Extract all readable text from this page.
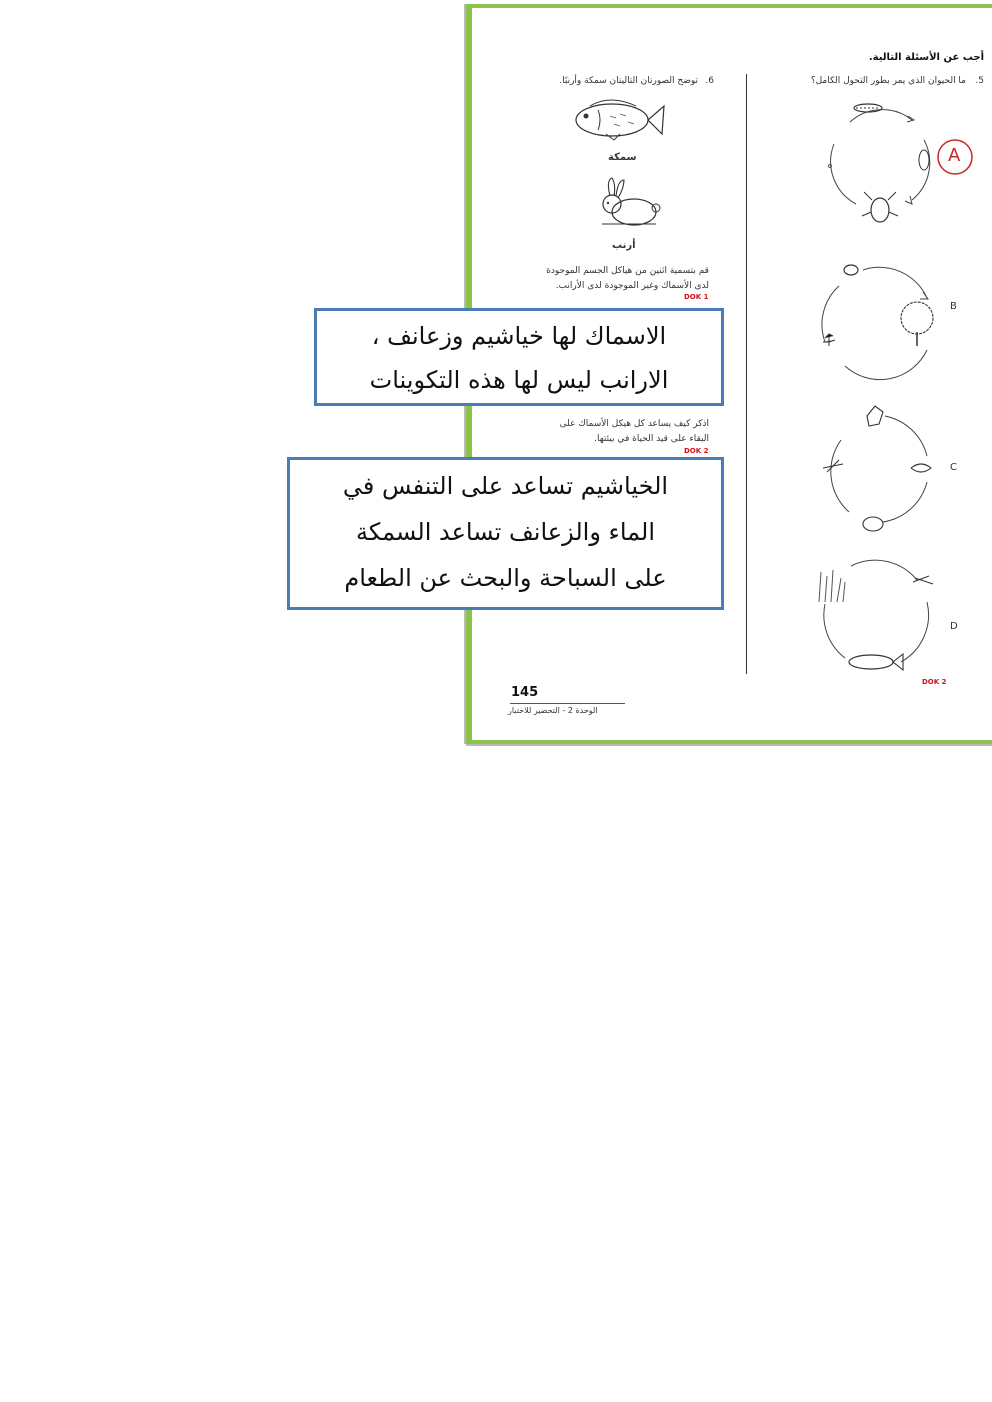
أجب عن الأسئلة التالية.
5.
ما الحيوان الذي يمر بطور التحول الكامل؟
6.
توضح الصورتان التاليتان سمكة وأرنبًا.
سمكة
أرنب
قم بتسمية اثنين من هياكل الجسم الموجودة
لدى الأسماك وغير الموجودة لدى الأرانب.
DOK 1
اذكر كيف يساعد كل هيكل الأسماك على
البقاء على قيد الحياة في بيئتها.
DOK 2
A
B
C
D
DOK 2
145
الوحدة 2 - التحضير للاختبار
الاسماك لها خياشيم وزعانف ،
الارانب ليس لها هذه التكوينات
الخياشيم تساعد على التنفس في
الماء والزعانف تساعد السمكة
على السباحة والبحث عن الطعام
